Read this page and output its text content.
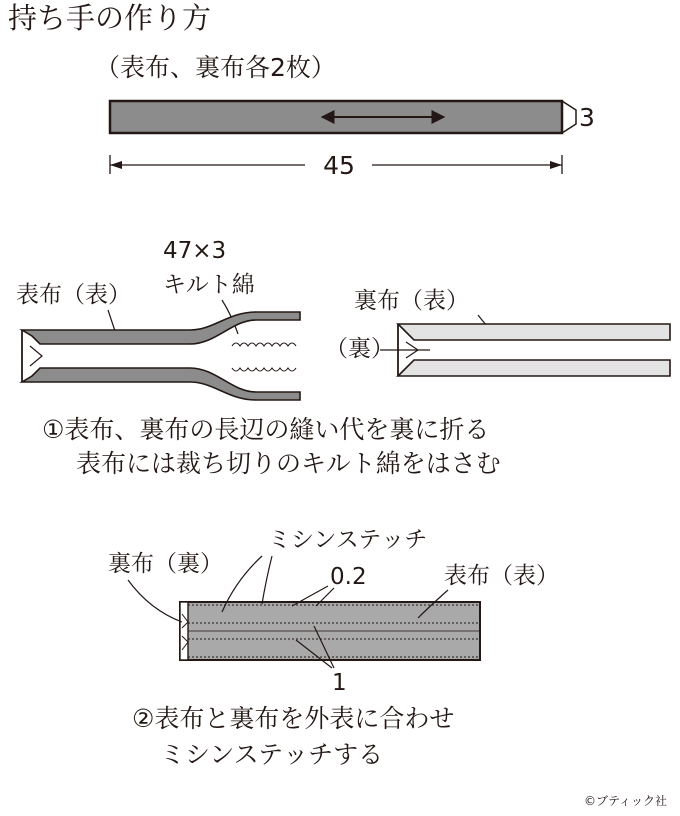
持ち手の作り方
（表布、裏布各2枚）
3
45
47×3
キルト綿
表布（表）	裏布（表）
（裏）
①表布、裏布の長辺の縫い代を裏に折る
表布には裁ち切りのキルト綿をはさむ
ミシンステッチ
裏布（裏）	0.2	表布（表）
1
②表布と裏布を外表に合わせ
ミシンステッチする
©ブティック社
